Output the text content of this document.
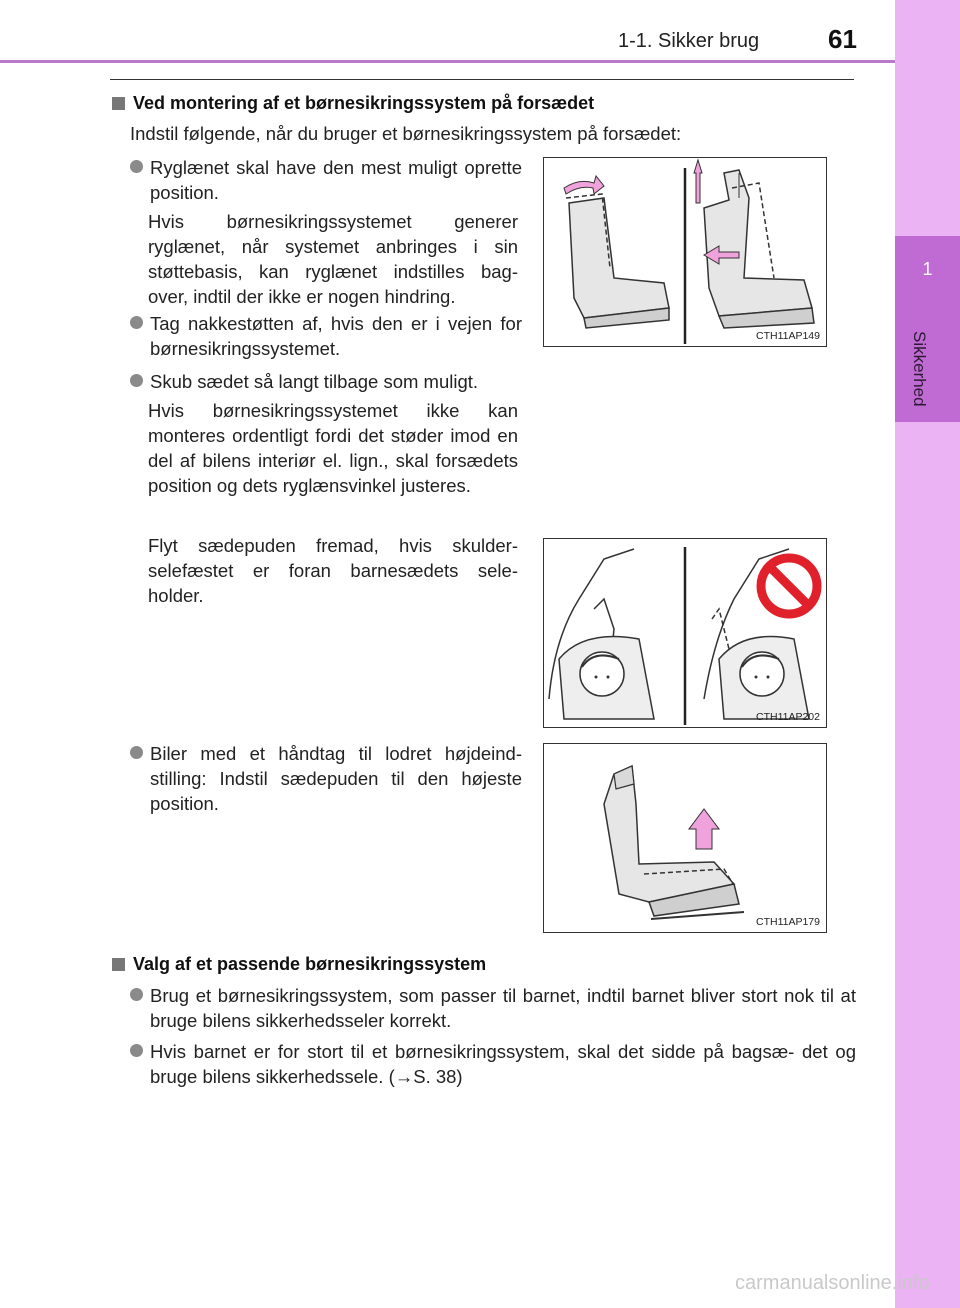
1
Sikkerhed
1-1. Sikker brug	61
Ved montering af et børnesikringssystem på forsædet
Indstil følgende, når du bruger et børnesikringssystem på forsædet:
Ryglænet skal have den mest muligt oprette position.
Hvis børnesikringssystemet generer ryglænet, når systemet anbringes i sin støttebasis, kan ryglænet indstilles bag- over, indtil der ikke er nogen hindring.
Tag nakkestøtten af, hvis den er i vejen for børnesikringssystemet.
Skub sædet så langt tilbage som muligt.
Hvis børnesikringssystemet ikke kan monteres ordentligt fordi det støder imod en del af bilens interiør el. lign., skal forsædets position og dets ryglænsvinkel justeres.
Flyt sædepuden fremad, hvis skulder- selefæstet er foran barnesædets sele- holder.
Biler med et håndtag til lodret højdeind- stilling: Indstil sædepuden til den højeste position.
CTH11AP149
CTH11AP202
CTH11AP179
Valg af et passende børnesikringssystem
Brug et børnesikringssystem, som passer til barnet, indtil barnet bliver stort nok til at bruge bilens sikkerhedsseler korrekt.
Hvis barnet er for stort til et børnesikringssystem, skal det sidde på bagsæ- det og bruge bilens sikkerhedssele. (→S. 38)
carmanualsonline.info
